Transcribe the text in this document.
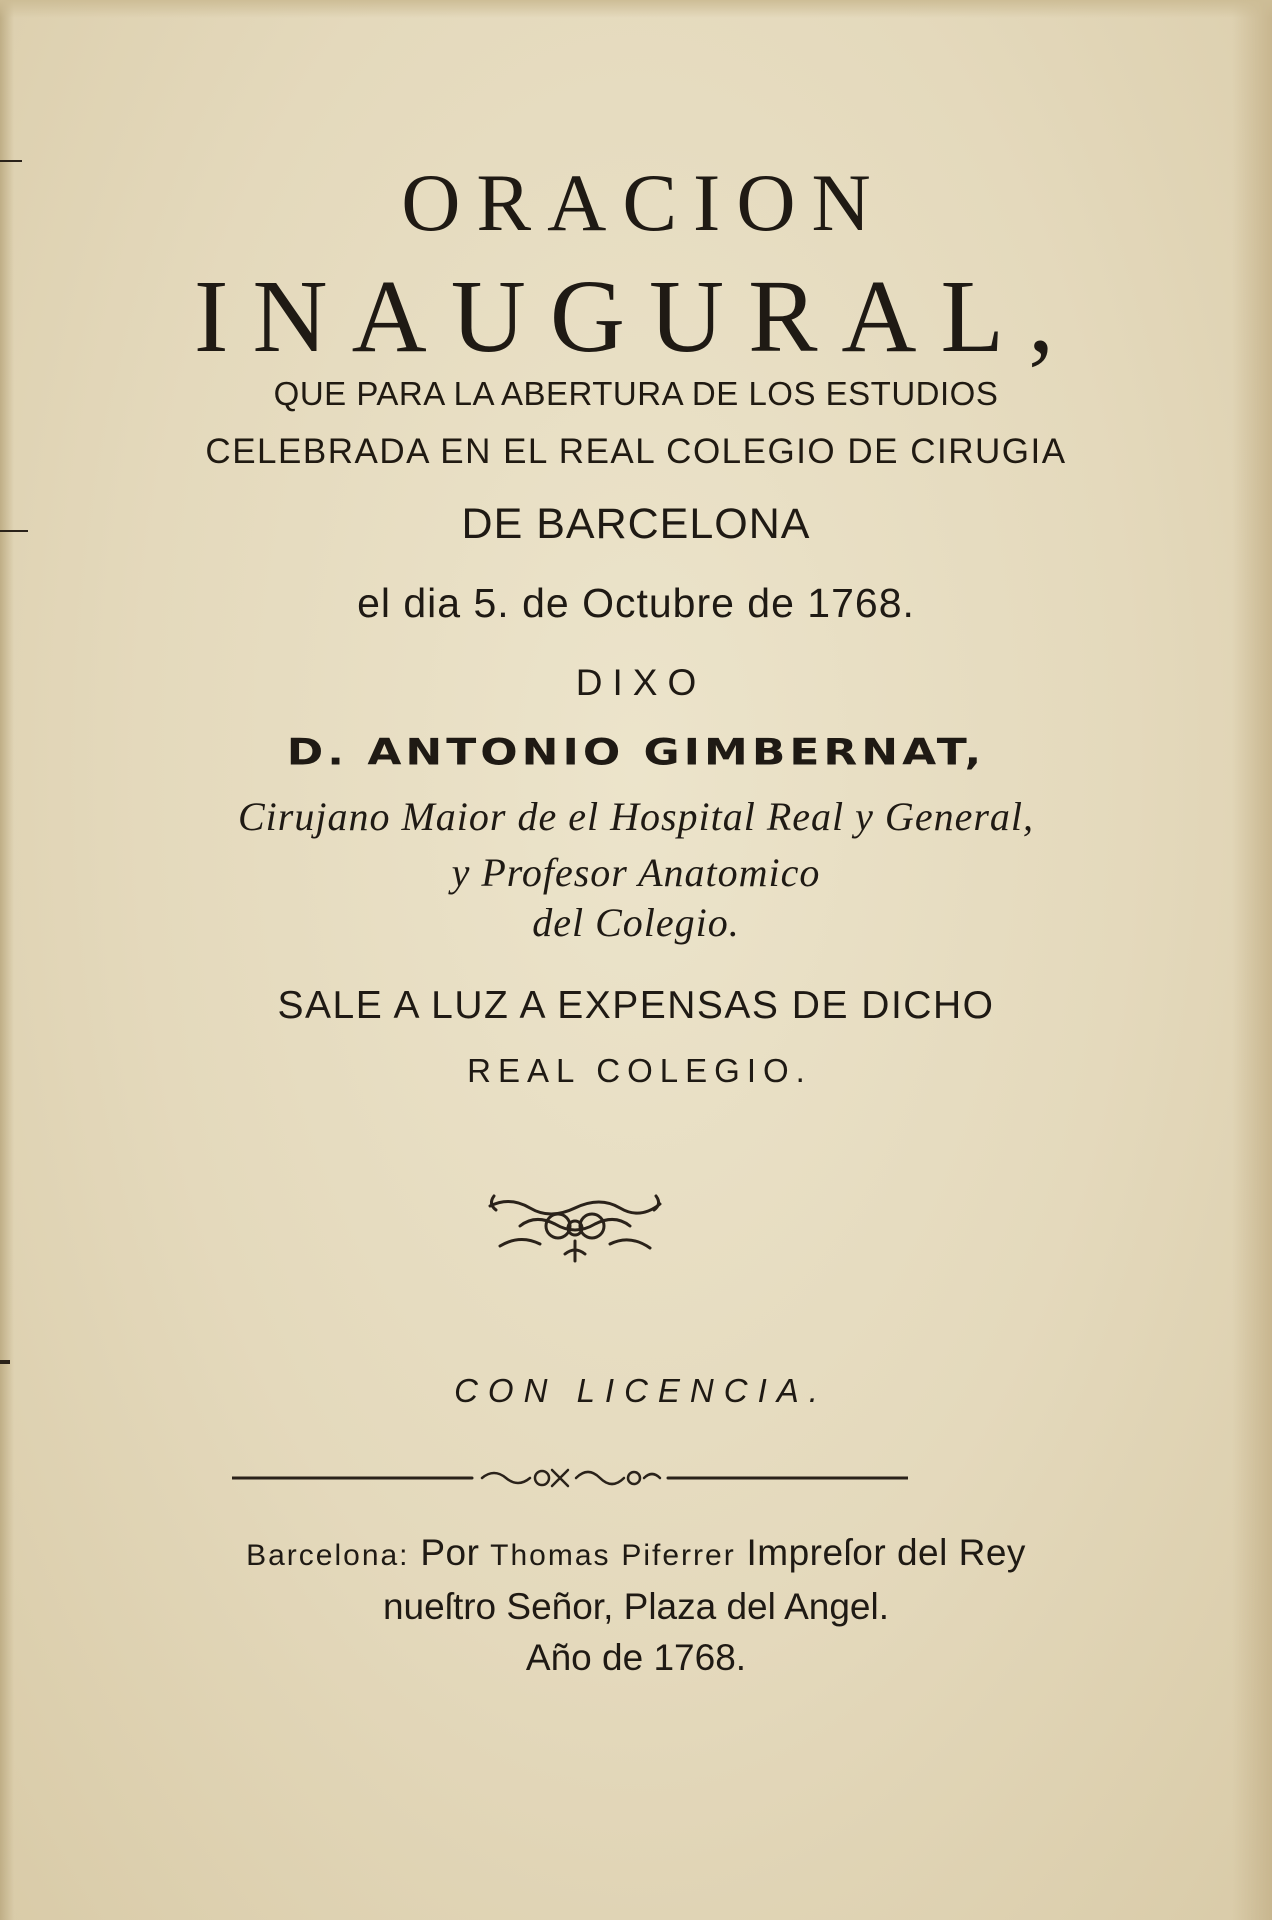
ORACION
INAUGURAL,
QUE PARA LA ABERTURA DE LOS ESTUDIOS
CELEBRADA EN EL REAL COLEGIO DE CIRUGIA
DE BARCELONA
el dia 5. de Octubre de 1768.
DIXO
D. ANTONIO GIMBERNAT,
Cirujano Maior de el Hospital Real y General,
y Profesor Anatomico
del Colegio.
SALE A LUZ A EXPENSAS DE DICHO
REAL COLEGIO.
CON LICENCIA.
Barcelona: Por Thomas Piferrer Impreſor del Rey
nueſtro Señor, Plaza del Angel.
Año de 1768.
